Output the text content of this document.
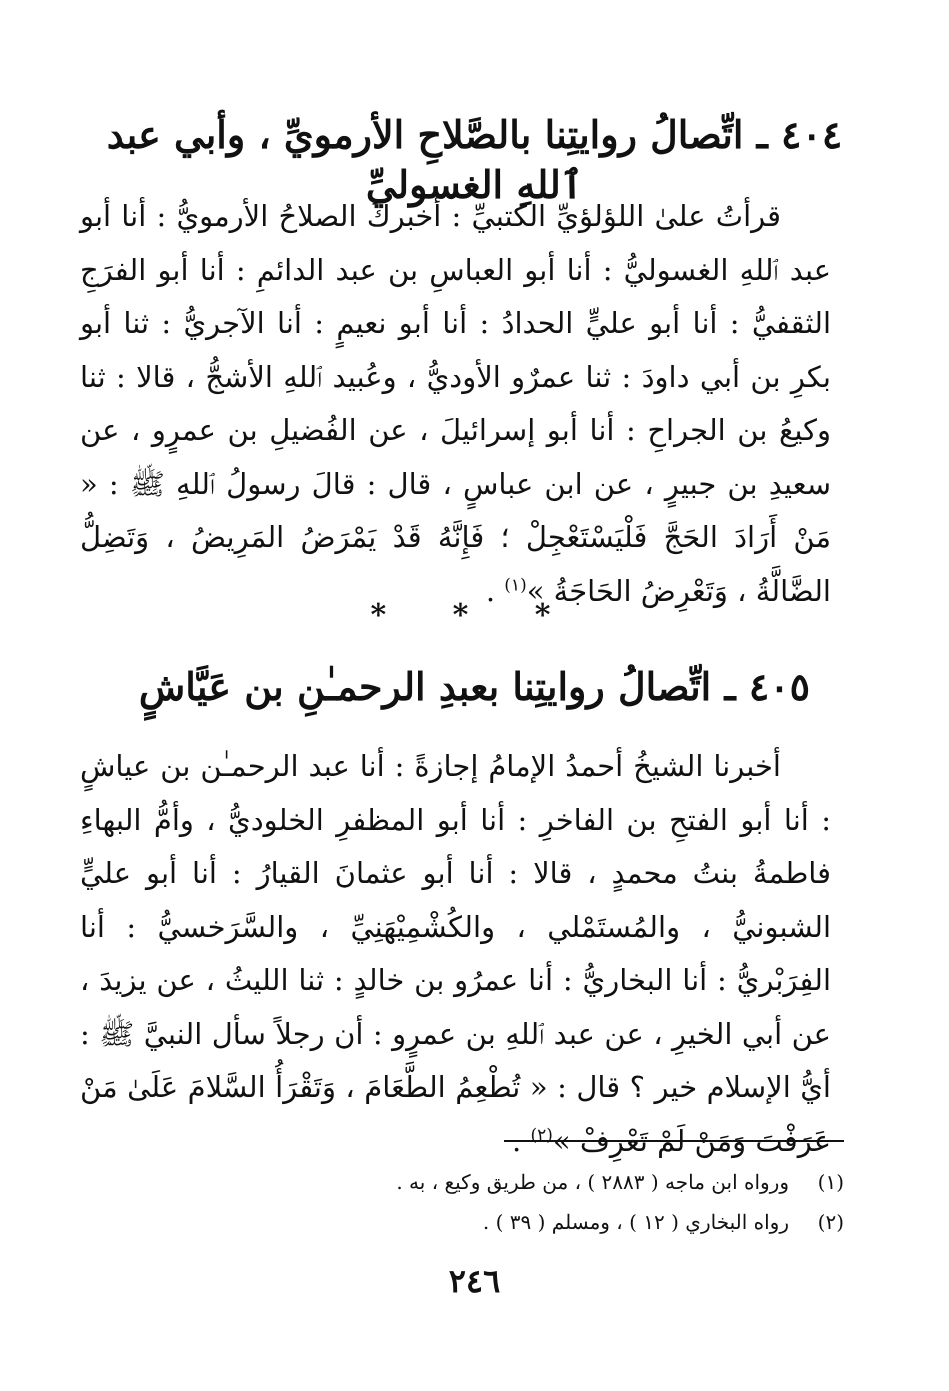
٤٠٤ ـ اتِّصالُ روايتِنا بالصَّلاحِ الأرمويِّ ، وأبي عبد ٱللهِ الغسوليِّ

قرأتُ علىٰ اللؤلؤيِّ الكتبيِّ : أخبركَ الصلاحُ الأرمويُّ : أنا أبو عبد ٱللهِ الغسوليُّ : أنا أبو العباسِ بن عبد الدائمِ : أنا أبو الفرَجِ الثقفيُّ : أنا أبو عليٍّ الحدادُ : أنا أبو نعيمٍ : أنا الآجريُّ : ثنا أبو بكرِ بن أبي داودَ : ثنا عمرٌو الأوديُّ ، وعُبيد ٱللهِ الأشجُّ ، قالا : ثنا وكيعُ بن الجراحِ : أنا أبو إسرائيلَ ، عن الفُضيلِ بن عمرٍو ، عن سعيدِ بن جبيرٍ ، عن ابن عباسٍ ، قال : قالَ رسولُ ٱللهِ ﷺ : « مَنْ أَرَادَ الحَجَّ فَلْيَسْتَعْجِلْ ؛ فَإِنَّهُ قَدْ يَمْرَضُ المَرِيضُ ، وَتَضِلُّ الضَّالَّةُ ، وَتَعْرِضُ الحَاجَةُ »$^{(١)}$ .

* * *
٤٠٥ ـ اتِّصالُ روايتِنا بعبدِ الرحمـٰنِ بن عَيَّاشٍ

أخبرنا الشيخُ أحمدُ الإمامُ إجازةً : أنا عبد الرحمـٰن بن عياشٍ : أنا أبو الفتحِ بن الفاخرِ : أنا أبو المظفرِ الخلوديُّ ، وأمُّ البهاءِ فاطمةُ بنتُ محمدٍ ، قالا : أنا أبو عثمانَ القيارُ : أنا أبو عليٍّ الشبونيُّ ، والمُستَمْلي ، والكُشْمِيْهَنِيِّ ، والسَّرَخسيُّ : أنا الفِرَبْريُّ : أنا البخاريُّ : أنا عمرُو بن خالدٍ : ثنا الليثُ ، عن يزيدَ ، عن أبي الخيرِ ، عن عبد ٱللهِ بن عمرٍو : أن رجلاً سأل النبيَّ ﷺ : أيُّ الإسلام خير ؟ قال : « تُطْعِمُ الطَّعَامَ ، وَتَقْرَأُ السَّلامَ عَلَىٰ مَنْ عَرَفْتَ وَمَنْ لَمْ تَعْرِفْ »$^{(٢)}$ .

(١)
ورواه ابن ماجه ( ٢٨٨٣ ) ، من طريق وكيع ، به .
(٢)
رواه البخاري ( ١٢ ) ، ومسلم ( ٣٩ ) .
٢٤٦
